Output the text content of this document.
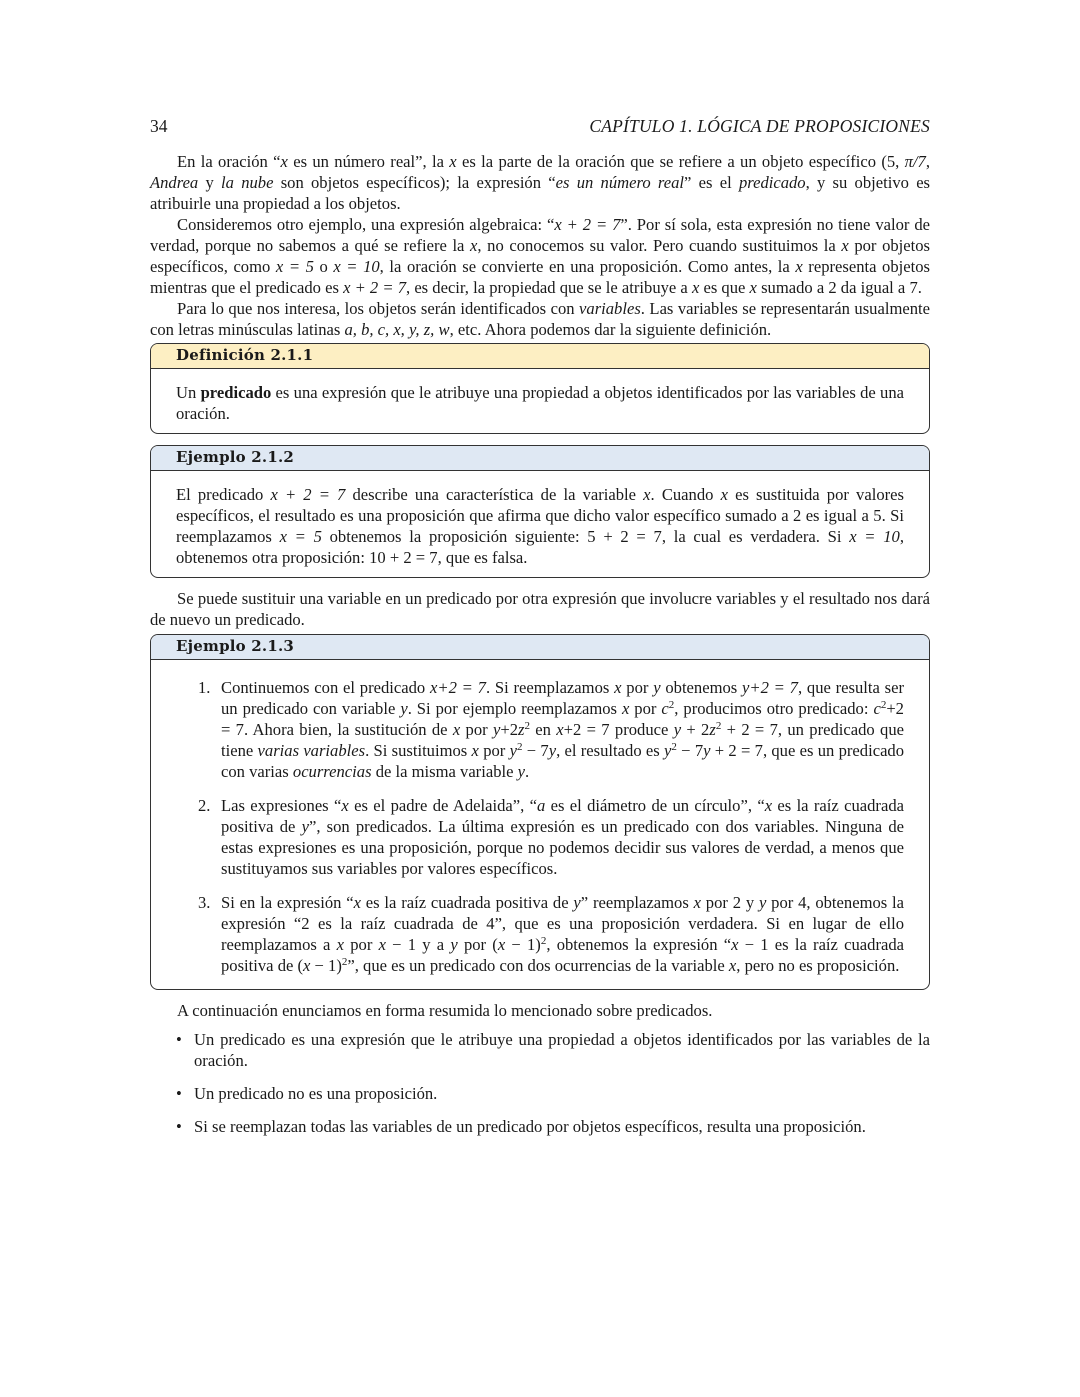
34	CAPÍTULO 1. LÓGICA DE PROPOSICIONES

En la oración “x es un número real”, la x es la parte de la oración que se refiere a un objeto específico (5, π/7, Andrea y la nube son objetos específicos); la expresión “es un número real” es el predicado, y su objetivo es atribuirle una propiedad a los objetos.

Consideremos otro ejemplo, una expresión algebraica: “x + 2 = 7”. Por sí sola, esta expresión no tiene valor de verdad, porque no sabemos a qué se refiere la x, no conocemos su valor. Pero cuando sustituimos la x por objetos específicos, como x = 5 o x = 10, la oración se convierte en una proposición. Como antes, la x representa objetos mientras que el predicado es x + 2 = 7, es decir, la propiedad que se le atribuye a x es que x sumado a 2 da igual a 7.

Para lo que nos interesa, los objetos serán identificados con variables. Las variables se representarán usualmente con letras minúsculas latinas a, b, c, x, y, z, w, etc. Ahora podemos dar la siguiente definición.

Definición 2.1.1

Un predicado es una expresión que le atribuye una propiedad a objetos identificados por las variables de una oración.

Ejemplo 2.1.2

El predicado x + 2 = 7 describe una característica de la variable x. Cuando x es sustituida por valores específicos, el resultado es una proposición que afirma que dicho valor específico sumado a 2 es igual a 5. Si reemplazamos x = 5 obtenemos la proposición siguiente: 5 + 2 = 7, la cual es verdadera. Si x = 10, obtenemos otra proposición: 10 + 2 = 7, que es falsa.

Se puede sustituir una variable en un predicado por otra expresión que involucre variables y el resultado nos dará de nuevo un predicado.

Ejemplo 2.1.3
1. Continuemos con el predicado x+2 = 7. Si reemplazamos x por y obtenemos y+2 = 7, que resulta ser un predicado con variable y. Si por ejemplo reemplazamos x por $c^2$, producimos otro predicado: $c^2+2 = 7$. Ahora bien, la sustitución de x por $y+2z^2$ en x+2 = 7 produce $y + 2z^2 + 2 = 7$, un predicado que tiene varias variables. Si sustituimos x por $y^2 - 7y$, el resultado es $y^2 - 7y + 2 = 7$, que es un predicado con varias ocurrencias de la misma variable y.
2. Las expresiones “x es el padre de Adelaida”, “a es el diámetro de un círculo”, “x es la raíz cuadrada positiva de y”, son predicados. La última expresión es un predicado con dos variables. Ninguna de estas expresiones es una proposición, porque no podemos decidir sus valores de verdad, a menos que sustituyamos sus variables por valores específicos.
3. Si en la expresión “x es la raíz cuadrada positiva de y” reemplazamos x por 2 y y por 4, obtenemos la expresión “2 es la raíz cuadrada de 4”, que es una proposición verdadera. Si en lugar de ello reemplazamos a x por x − 1 y a y por $(x - 1)^2$, obtenemos la expresión “x − 1 es la raíz cuadrada positiva de $(x - 1)^2$”, que es un predicado con dos ocurrencias de la variable x, pero no es proposición.

A continuación enunciamos en forma resumida lo mencionado sobre predicados.

• Un predicado es una expresión que le atribuye una propiedad a objetos identificados por las variables de la oración.
• Un predicado no es una proposición.
• Si se reemplazan todas las variables de un predicado por objetos específicos, resulta una proposición.
